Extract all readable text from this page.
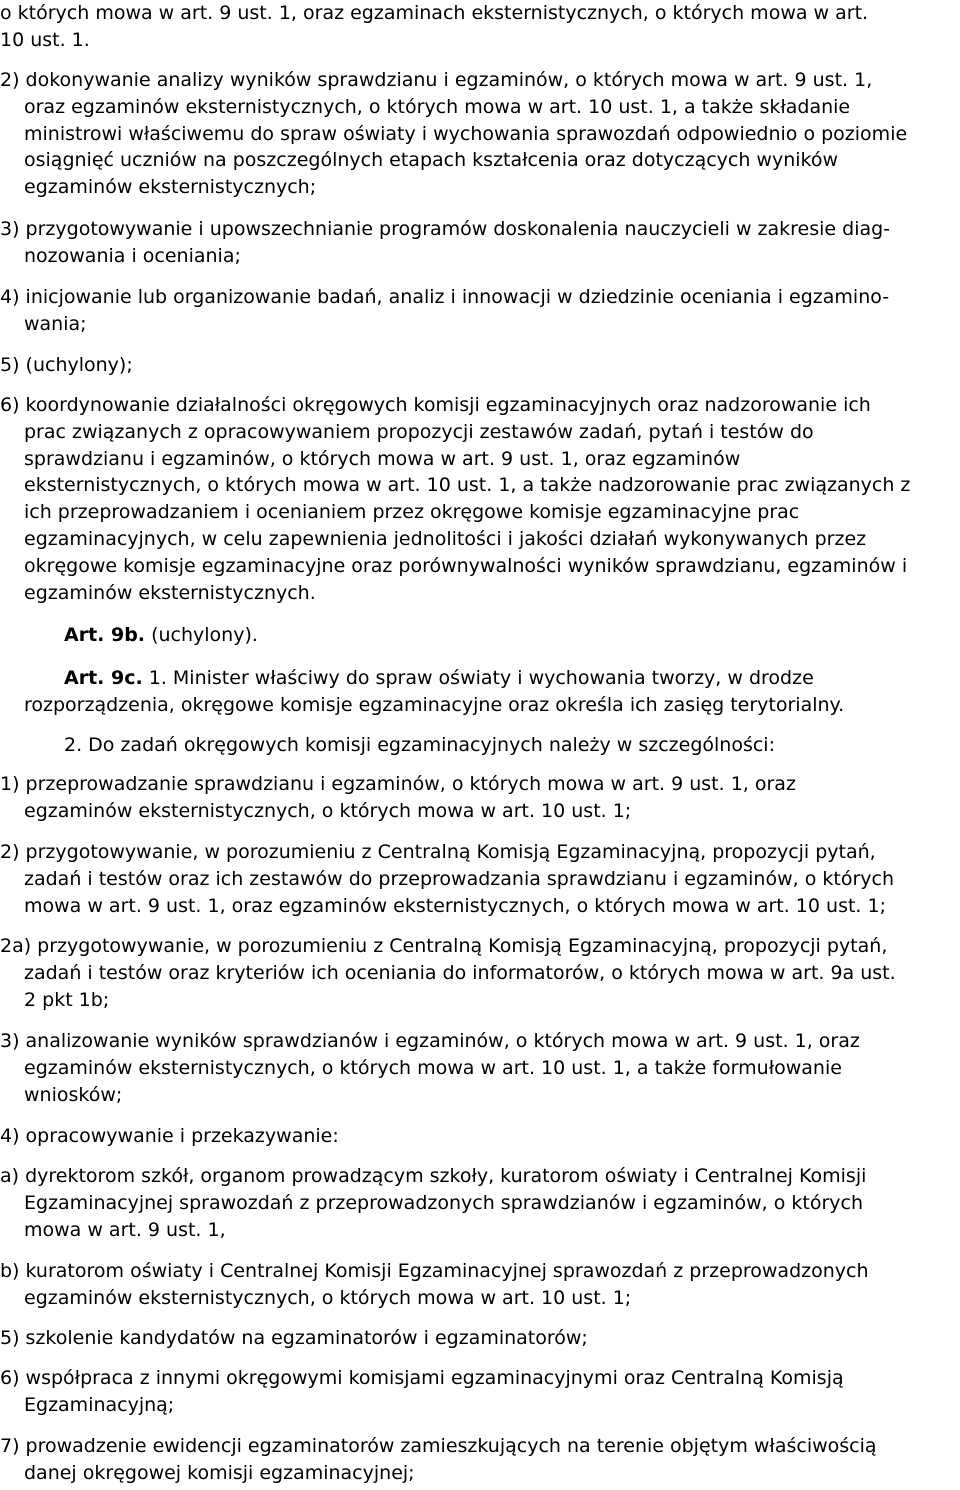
o których mowa w art. 9 ust. 1, oraz egzaminach eksternistycznych, o których mowa w art.
10 ust. 1.
2) dokonywanie analizy wyników sprawdzianu i egzaminów, o których mowa w art. 9 ust. 1,
oraz egzaminów eksternistycznych, o których mowa w art. 10 ust. 1, a także składanie
ministrowi właściwemu do spraw oświaty i wychowania sprawozdań odpowiednio o poziomie
osiągnięć uczniów na poszczególnych etapach kształcenia oraz dotyczących wyników
egzaminów eksternistycznych;
3) przygotowywanie i upowszechnianie programów doskonalenia nauczycieli w zakresie diag-
nozowania i oceniania;
4) inicjowanie lub organizowanie badań, analiz i innowacji w dziedzinie oceniania i egzamino-
wania;
5) (uchylony);
6) koordynowanie działalności okręgowych komisji egzaminacyjnych oraz nadzorowanie ich
prac związanych z opracowywaniem propozycji zestawów zadań, pytań i testów do
sprawdzianu i egzaminów, o których mowa w art. 9 ust. 1, oraz egzaminów
eksternistycznych, o których mowa w art. 10 ust. 1, a także nadzorowanie prac związanych z
ich przeprowadzaniem i ocenianiem przez okręgowe komisje egzaminacyjne prac
egzaminacyjnych, w celu zapewnienia jednolitości i jakości działań wykonywanych przez
okręgowe komisje egzaminacyjne oraz porównywalności wyników sprawdzianu, egzaminów i
egzaminów eksternistycznych.
Art. 9b. (uchylony).
Art. 9c. 1. Minister właściwy do spraw oświaty i wychowania tworzy, w drodze
rozporządzenia, okręgowe komisje egzaminacyjne oraz określa ich zasięg terytorialny.
2. Do zadań okręgowych komisji egzaminacyjnych należy w szczególności:
1) przeprowadzanie sprawdzianu i egzaminów, o których mowa w art. 9 ust. 1, oraz
egzaminów eksternistycznych, o których mowa w art. 10 ust. 1;
2) przygotowywanie, w porozumieniu z Centralną Komisją Egzaminacyjną, propozycji pytań,
zadań i testów oraz ich zestawów do przeprowadzania sprawdzianu i egzaminów, o których
mowa w art. 9 ust. 1, oraz egzaminów eksternistycznych, o których mowa w art. 10 ust. 1;
2a) przygotowywanie, w porozumieniu z Centralną Komisją Egzaminacyjną, propozycji pytań,
zadań i testów oraz kryteriów ich oceniania do informatorów, o których mowa w art. 9a ust.
2 pkt 1b;
3) analizowanie wyników sprawdzianów i egzaminów, o których mowa w art. 9 ust. 1, oraz
egzaminów eksternistycznych, o których mowa w art. 10 ust. 1, a także formułowanie
wniosków;
4) opracowywanie i przekazywanie:
a) dyrektorom szkół, organom prowadzącym szkoły, kuratorom oświaty i Centralnej Komisji
Egzaminacyjnej sprawozdań z przeprowadzonych sprawdzianów i egzaminów, o których
mowa w art. 9 ust. 1,
b) kuratorom oświaty i Centralnej Komisji Egzaminacyjnej sprawozdań z przeprowadzonych
egzaminów eksternistycznych, o których mowa w art. 10 ust. 1;
5) szkolenie kandydatów na egzaminatorów i egzaminatorów;
6) współpraca z innymi okręgowymi komisjami egzaminacyjnymi oraz Centralną Komisją
Egzaminacyjną;
7) prowadzenie ewidencji egzaminatorów zamieszkujących na terenie objętym właściwością
danej okręgowej komisji egzaminacyjnej;
